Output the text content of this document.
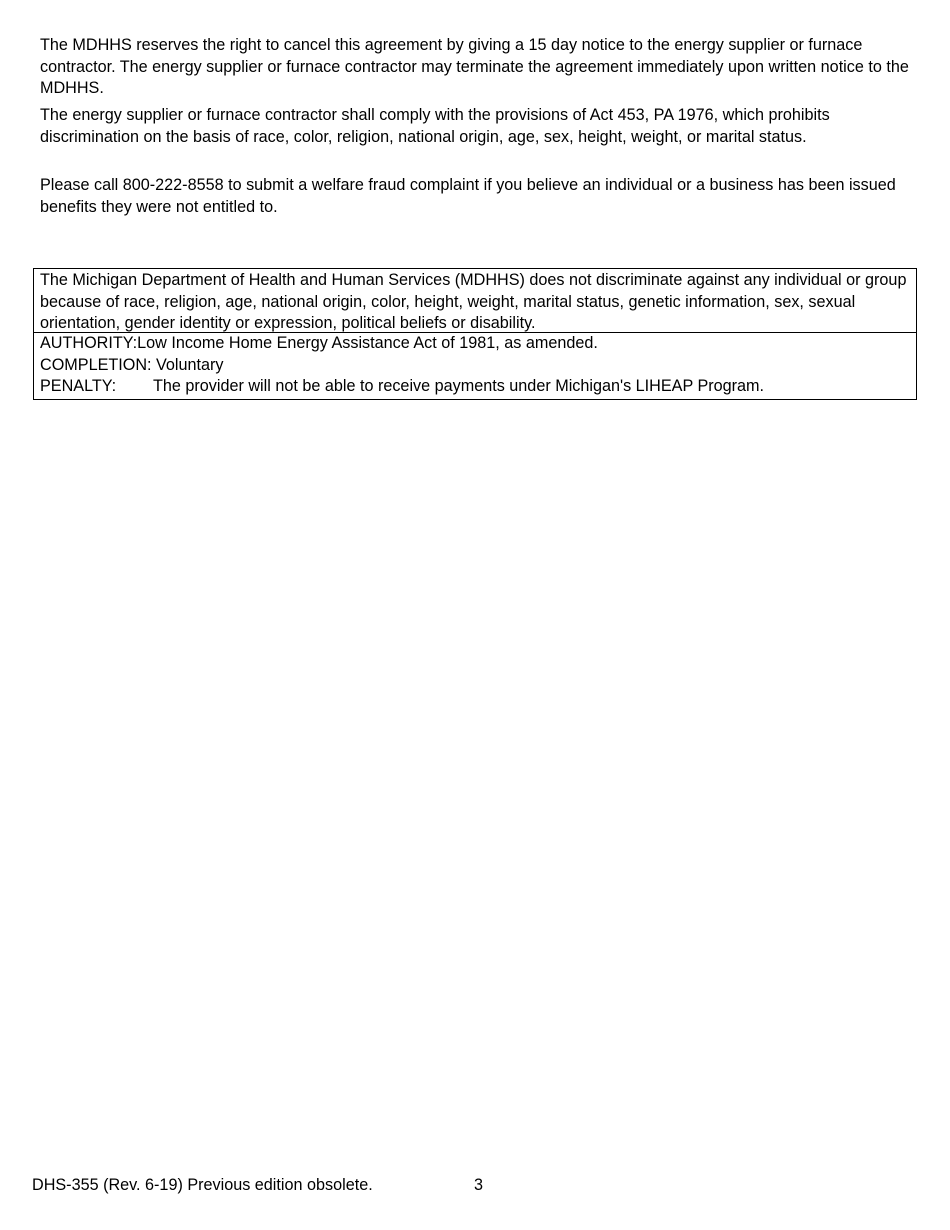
The MDHHS reserves the right to cancel this agreement by giving a 15 day notice to the energy supplier or furnace contractor. The energy supplier or furnace contractor may terminate the agreement immediately upon written notice to the MDHHS.

The energy supplier or furnace contractor shall comply with the provisions of Act 453, PA 1976, which prohibits discrimination on the basis of race, color, religion, national origin, age, sex, height, weight, or marital status.

Please call 800-222-8558 to submit a welfare fraud complaint if you believe an individual or a business has been issued benefits they were not entitled to.

The Michigan Department of Health and Human Services (MDHHS) does not discriminate against any individual or group because of race, religion, age, national origin, color, height, weight, marital status, genetic information, sex, sexual orientation, gender identity or expression, political beliefs or disability.
AUTHORITY:Low Income Home Energy Assistance Act of 1981, as amended.
COMPLETION: Voluntary
PENALTY: The provider will not be able to receive payments under Michigan's LIHEAP Program.
DHS-355 (Rev. 6-19) Previous edition obsolete.	3
